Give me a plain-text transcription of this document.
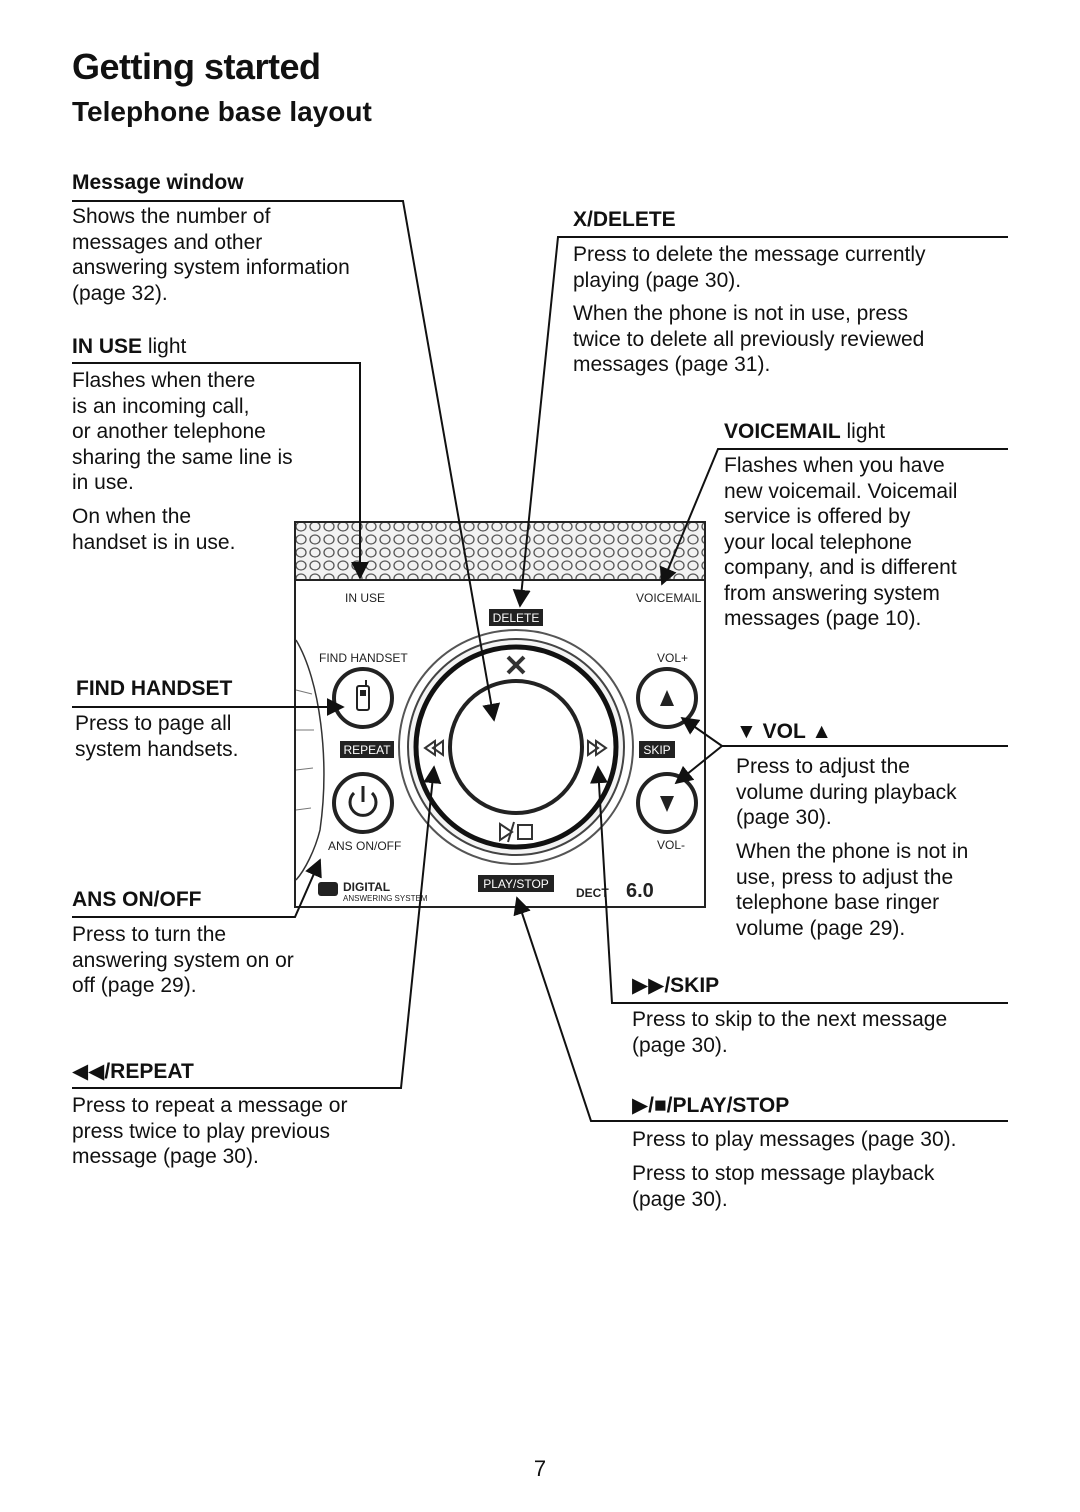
Getting started
Telephone base layout
Message window
Shows the number of
messages and other
answering system information
(page 32).
IN USE light
Flashes when there
is an incoming call,
or another telephone
sharing the same line is
in use.
On when the
handset is in use.
FIND HANDSET
Press to page all
system handsets.
ANS ON/OFF
Press to turn the
answering system on or
off (page 29).
◀◀/REPEAT
Press to repeat a message or
press twice to play previous
message (page 30).
X/DELETE
Press to delete the message currently
playing (page 30).
When the phone is not in use, press
twice to delete all previously reviewed
messages (page 31).
VOICEMAIL light
Flashes when you have
new voicemail. Voicemail
service is offered by
your local telephone
company, and is different
from answering system
messages (page 10).
▼ VOL ▲
Press to adjust the
volume during playback
(page 30).
When the phone is not in
use, press to adjust the
telephone base ringer
volume (page 29).
▶▶/SKIP
Press to skip to the next message
(page 30).
▶/■/PLAY/STOP
Press to play messages (page 30).
Press to stop message playback
(page 30).
7
IN USE	VOICEMAIL
DELETE
FIND HANDSET	VOL+
REPEAT	SKIP
ANS ON/OFF	VOL-
DIGITAL
ANSWERING SYSTEM
PLAY/STOP
DECT 6.0
